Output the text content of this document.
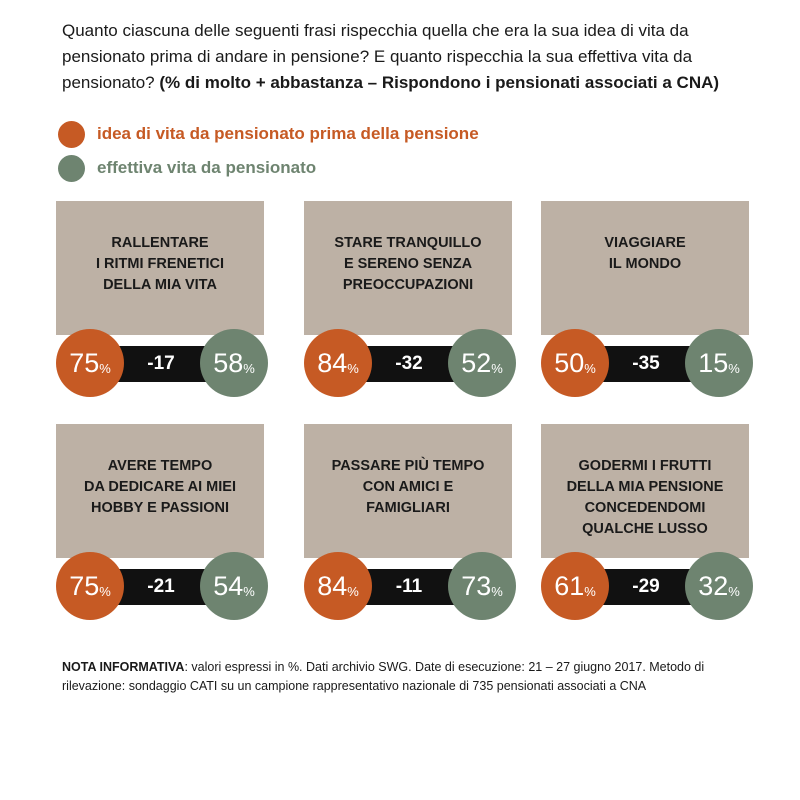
Quanto ciascuna delle seguenti frasi rispecchia quella che era la sua idea di vita da pensionato prima di andare in pensione? E quanto rispecchia la sua effettiva vita da pensionato? (% di molto + abbastanza – Rispondono i pensionati associati a CNA)
idea di vita da pensionato prima della pensione
effettiva vita da pensionato
RALLENTARE
I RITMI FRENETICI
DELLA MIA VITA
-17
75 %	58 %
STARE TRANQUILLO
E SERENO SENZA
PREOCCUPAZIONI
-32
84 %	52 %
VIAGGIARE
IL MONDO
-35
50 %	15 %
AVERE TEMPO
DA DEDICARE AI MIEI
HOBBY E PASSIONI
-21
75 %	54 %
PASSARE PIÙ TEMPO
CON AMICI E
FAMIGLIARI
-11
84 %	73 %
GODERMI I FRUTTI
DELLA MIA PENSIONE
CONCEDENDOMI
QUALCHE LUSSO
-29
61 %	32 %
NOTA INFORMATIVA: valori espressi in %. Dati archivio SWG. Date di esecuzione: 21 – 27 giugno 2017. Metodo di rilevazione: sondaggio CATI su un campione rappresentativo nazionale di 735 pensionati associati a CNA
